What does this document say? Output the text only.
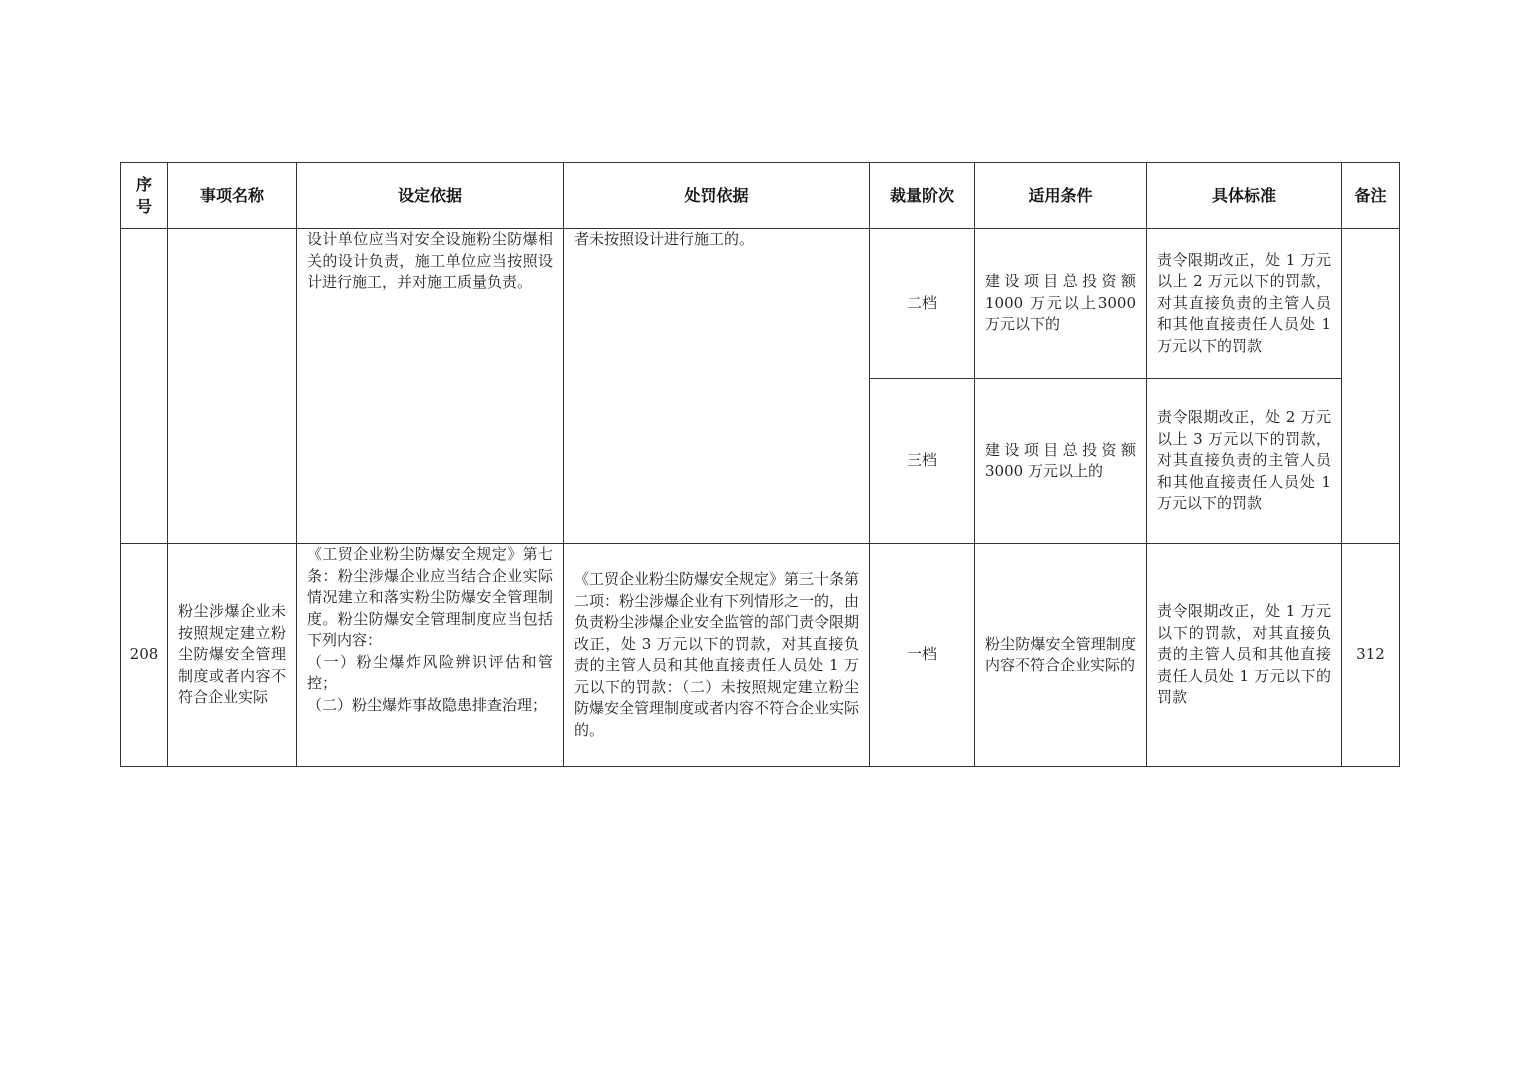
序号	事项名称	设定依据	处罚依据	裁量阶次	适用条件	具体标准	备注
		设计单位应当对安全设施粉尘防爆相关的设计负责，施工单位应当按照设计进行施工，并对施工质量负责。	者未按照设计进行施工的。	二档	建设项目总投资额1000 万元以上3000 万元以下的	责令限期改正，处 1 万元以上 2 万元以下的罚款，对其直接负责的主管人员和其他直接责任人员处 1 万元以下的罚款	
				三档	建设项目总投资额3000 万元以上的	责令限期改正，处 2 万元以上 3 万元以下的罚款，对其直接负责的主管人员和其他直接责任人员处 1 万元以下的罚款	
208	粉尘涉爆企业未按照规定建立粉尘防爆安全管理制度或者内容不符合企业实际	《工贸企业粉尘防爆安全规定》第七条：粉尘涉爆企业应当结合企业实际情况建立和落实粉尘防爆安全管理制度。粉尘防爆安全管理制度应当包括下列内容：
（一）粉尘爆炸风险辨识评估和管控；
（二）粉尘爆炸事故隐患排查治理；	《工贸企业粉尘防爆安全规定》第三十条第二项：粉尘涉爆企业有下列情形之一的，由负责粉尘涉爆企业安全监管的部门责令限期改正，处 3 万元以下的罚款，对其直接负责的主管人员和其他直接责任人员处 1 万元以下的罚款：（二）未按照规定建立粉尘防爆安全管理制度或者内容不符合企业实际的。	一档	粉尘防爆安全管理制度内容不符合企业实际的	责令限期改正，处 1 万元以下的罚款，对其直接负责的主管人员和其他直接责任人员处 1 万元以下的罚款	312
